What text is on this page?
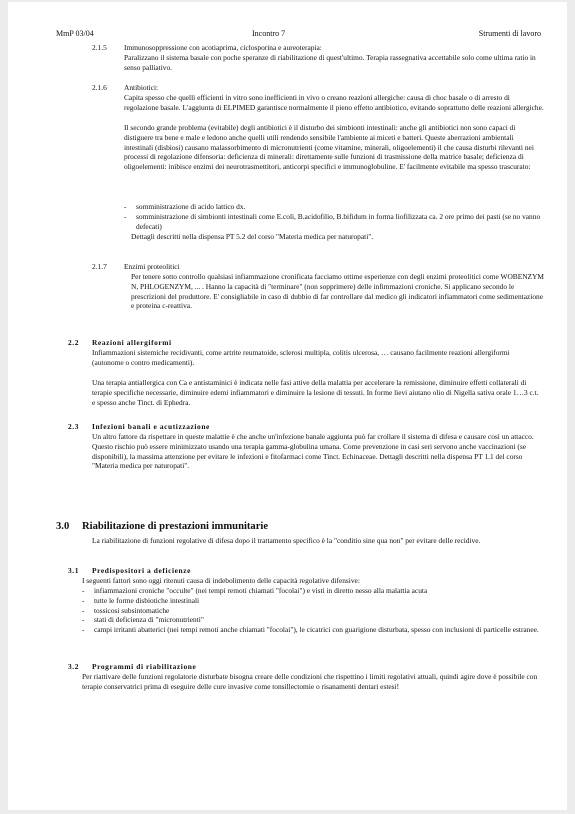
MmP 03/04	Incontro 7	Strumenti di lavoro
2.1.5 Immunosoppressione con acotiaprima, ciclosporina e aureoterapia:
Paralizzano il sistema basale con poche speranze di riabilitazione di quest'ultimo. Terapia rassegnativa accettabile solo come ultima ratio in senso palliativo.
2.1.6 Antibiotici:
Capita spesso che quelli efficienti in vitro sono inefficienti in vivo o creano reazioni allergiche: causa di choc basale o di arresto di regolazione basale. L'aggiunta di ELPIMED garantisce normalmente il pieno effetto antibiotico, evitando soprattutto delle reazioni allergiche.
Il secondo grande problema (evitabile) degli antibiotici è il disturbo dei simbionti intestinali: anche gli antibiotici non sono capaci di distiguere tra bene e male e ledono anche quelli utili rendendo sensibile l'ambiente ai miceti e batteri. Queste aberrazioni ambientali intestinali (disbiosi) causano malassorbimento di micronutrienti (come vitamine, minerali, oligoelementi) il che causa disturbi rilevanti nei processi di regolazione difensoria: deficienza di minerali: direttamente sulle funzioni di trasmissione della matrice basale; deficienza di oligoelementi: inibisce enzimi dei neurotrasmettitori, anticorpi specifici e immunoglobuline. E' facilmente evitabile ma spesso trascurato:
- somministrazione di acido lattico dx.
- somministrazione di simbionti intestinali come E.coli, B.acidofilio, B.bifidum in forma liofilizzata ca. 2 ore primo dei pasti (se no vanno defecati)
Dettagli descritti nella dispensa PT 5.2 del corso "Materia medica per naturopati".
2.1.7 Enzimi proteolitici
Per tenere sotto controllo qualsiasi infiammazione cronificata facciamo ottime esperienze con degli enzimi proteolitici come WOBENZYM N, PHLOGENZYM, ... . Hanno la capacità di "terminare" (non sopprimere) delle infimmazioni croniche. Si applicano secondo le prescrizioni del produttore. E' consigliabile in caso di dubbio di far controllare dal medico gli indicatori infiammatori come sedimentazione e proteina c-reattiva.
2.2 Reazioni allergiformi
Infiammazioni sistemiche recidivanti, come artrite reumatoide, sclerosi multipla, colitis ulcerosa, … causano facilmente reazioni allergiformi (autonome o contro medicamenti).
Una terapia antiallergica con Ca e antistaminici è indicata nelle fasi attive della malattia per accelerare la remissione, diminuire effetti collaterali di terapie specifiche necessarie, diminuire edemi infiammatori e diminuire la lesione di tessuti. In forme lievi aiutano olio di Nigella sativa orale 1…3 c.t. e spesso anche Tinct. di Ephedra.
2.3 Infezioni banali e acutizzazione
Un altro fattore da rispettare in queste malattie è che anche un'infezione banale aggiunta può far crollare il sistema di difesa e causare così un attacco. Questo rischio può essere minimizzato usando una terapia gamma-globulina umana. Come prevenzione in casi seri servono anche vaccinazioni (se disponibili), la massima attenzione per evitare le infezioni e fitofarmaci come Tinct. Echinaceae. Dettagli descritti nella dispensa PT 1.1 del corso "Materia medica per naturopati".
3.0 Riabilitazione di prestazioni immunitarie
La riabilitazione di funzioni regolative di difesa dopo il trattamento specifico è la "conditio sine qua non" per evitare delle recidive.
3.1 Predispositori a deficienze
I seguenti fattori sono oggi ritenuti causa di indebolimento delle capacità regolative difensive:
- infiammazioni croniche "occulte" (nei tempi remoti chiamati "focolai") e visti in diretto nesso alla malattia acuta
- tutte le forme disbiotiche intestinali
- tossicosi subsintomatiche
- stati di deficienza di "micronutrienti"
- campi irritanti abatterici (nei tempi remoti anche chiamati "focolai"), le cicatrici con guarigione disturbata, spesso con inclusioni di particelle estranee.
3.2 Programmi di riabilitazione
Per riattivare delle funzioni regolatorie disturbate bisogna creare delle condizioni che rispettino i limiti regolativi attuali, quindi agire dove è possibile con terapie conservatrici prima di eseguire delle cure invasive come tonsillectomie o risanamenti dentari estesi!
